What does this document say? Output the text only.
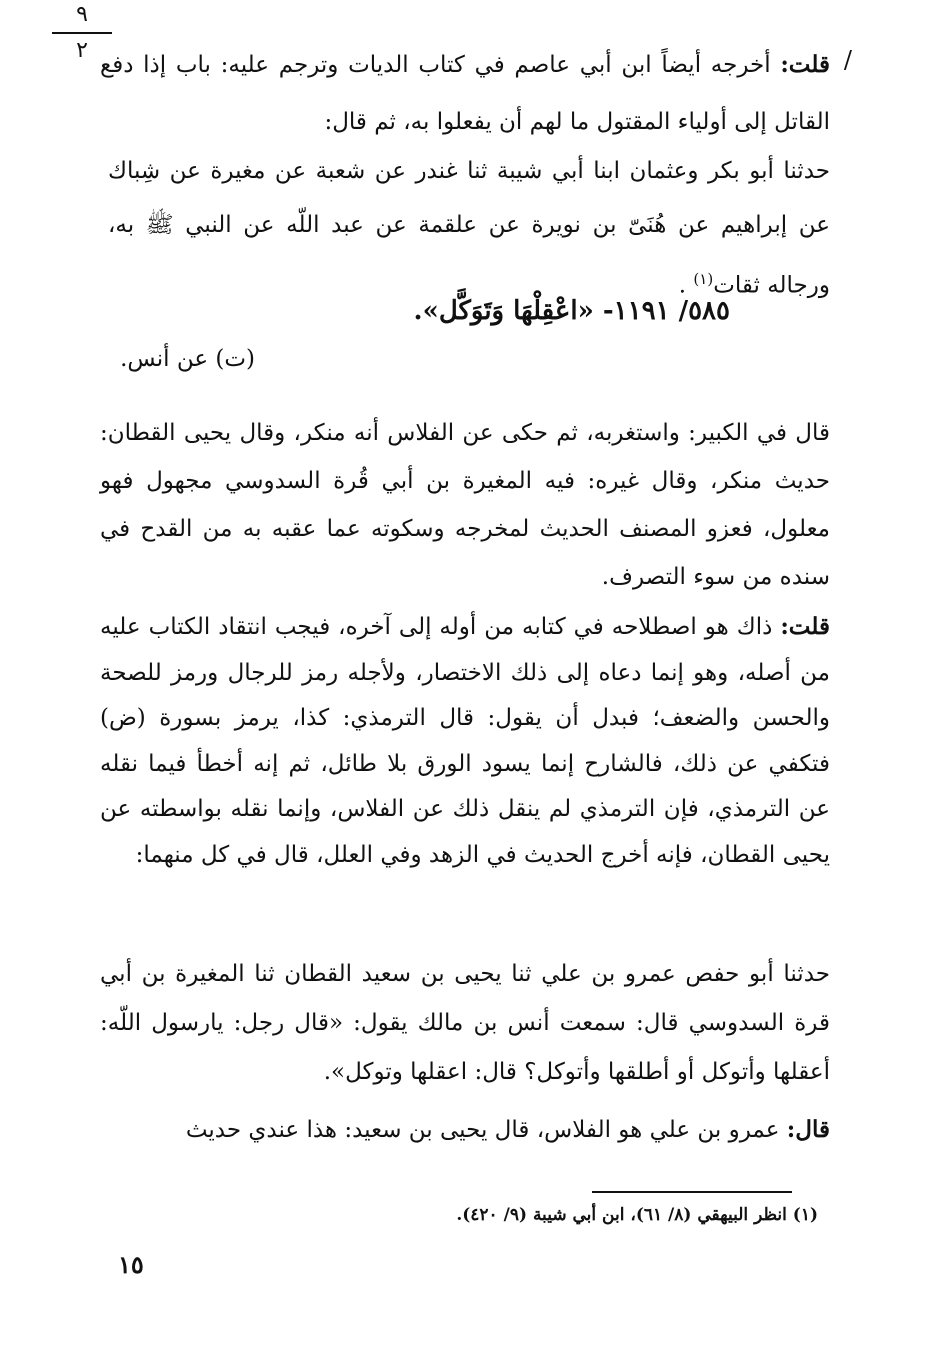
٩
٢	/

قلت: أخرجه أيضاً ابن أبي عاصم في كتاب الديات وترجم عليه: باب إذا دفع القاتل إلى أولياء المقتول ما لهم أن يفعلوا به، ثم قال:

حدثنا أبو بكر وعثمان ابنا أبي شيبة ثنا غندر عن شعبة عن مغيرة عن شِباك عن إبراهيم عن هُنَىّ بن نويرة عن علقمة عن عبد اللّه عن النبي ﷺ به، ورجاله ثقات$^{(١)}$ .

٥٨٥/ ١١٩١- «اعْقِلْهَا وَتَوَكَّل».
(ت) عن أنس.

قال في الكبير: واستغربه، ثم حكى عن الفلاس أنه منكر، وقال يحيى القطان: حديث منكر، وقال غيره: فيه المغيرة بن أبي قُرة السدوسي مجهول فهو معلول، فعزو المصنف الحديث لمخرجه وسكوته عما عقبه به من القدح في سنده من سوء التصرف.

قلت: ذاك هو اصطلاحه في كتابه من أوله إلى آخره، فيجب انتقاد الكتاب عليه من أصله، وهو إنما دعاه إلى ذلك الاختصار، ولأجله رمز للرجال ورمز للصحة والحسن والضعف؛ فبدل أن يقول: قال الترمذي: كذا، يرمز بسورة (ض) فتكفي عن ذلك، فالشارح إنما يسود الورق بلا طائل، ثم إنه أخطأ فيما نقله عن الترمذي، فإن الترمذي لم ينقل ذلك عن الفلاس، وإنما نقله بواسطته عن يحيى القطان، فإنه أخرج الحديث في الزهد وفي العلل، قال في كل منهما:

حدثنا أبو حفص عمرو بن علي ثنا يحيى بن سعيد القطان ثنا المغيرة بن أبي قرة السدوسي قال: سمعت أنس بن مالك يقول: «قال رجل: يارسول اللّه: أعقلها وأتوكل أو أطلقها وأتوكل؟ قال: اعقلها وتوكل».

قال: عمرو بن علي هو الفلاس، قال يحيى بن سعيد: هذا عندي حديث

(١) انظر البيهقي (٨/ ٦١)، ابن أبي شيبة (٩/ ٤٢٠).
١٥
